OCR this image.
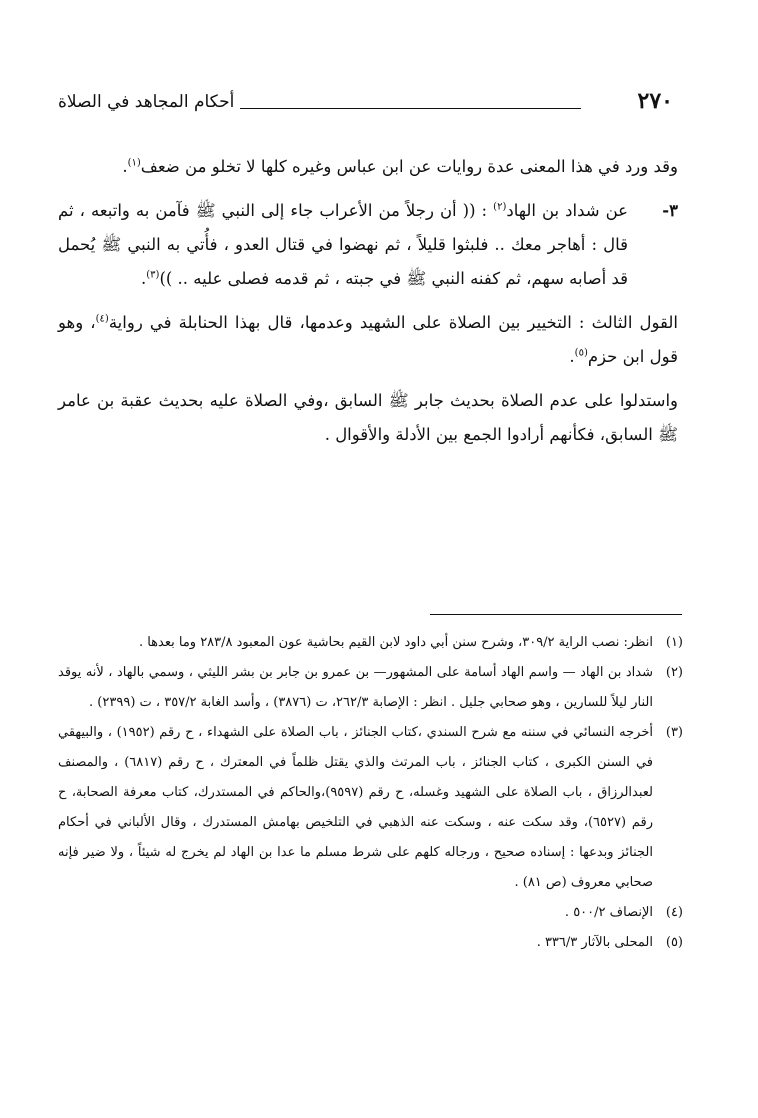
٢٧٠
أحكام المجاهد في الصلاة

وقد ورد في هذا المعنى عدة روايات عن ابن عباس وغيره كلها لا تخلو من ضعف$^{(١)}$.

٣-
عن شداد بن الهاد$^{(٢)}$ : (( أن رجلاً من الأعراب جاء إلى النبي ﷺ فآمن به واتبعه ، ثم قال : أهاجر معك .. فلبثوا قليلاً ، ثم نهضوا في قتال العدو ، فأُتي به النبي ﷺ يُحمل قد أصابه سهم، ثم كفنه النبي ﷺ في جبته ، ثم قدمه فصلى عليه .. ))$^{(٣)}$.

القول الثالث : التخيير بين الصلاة على الشهيد وعدمها، قال بهذا الحنابلة في رواية$^{(٤)}$، وهو قول ابن حزم$^{(٥)}$.

واستدلوا على عدم الصلاة بحديث جابر ﷺ السابق ،وفي الصلاة عليه بحديث عقبة بن عامر ﷺ السابق، فكأنهم أرادوا الجمع بين الأدلة والأقوال .

(١)
انظر: نصب الراية ٣٠٩/٢، وشرح سنن أبي داود لابن القيم بحاشية عون المعبود ٢٨٣/٨ وما بعدها .

(٢)
شداد بن الهاد — واسم الهاد أسامة على المشهور— بن عمرو بن جابر بن بشر الليثي ، وسمي بالهاد ، لأنه يوقد النار ليلاً للسارين ، وهو صحابي جليل . انظر : الإصابة ٢٦٢/٣، ت (٣٨٧٦) ، وأسد الغابة ٣٥٧/٢ ، ت (٢٣٩٩) .

(٣)
أخرجه النسائي في سننه مع شرح السندي ،كتاب الجنائز ، باب الصلاة على الشهداء ، ح رقم (١٩٥٢) ، والبيهقي في السنن الكبرى ، كتاب الجنائز ، باب المرتث والذي يقتل ظلماً في المعترك ، ح رقم (٦٨١٧) ، والمصنف لعبدالرزاق ، باب الصلاة على الشهيد وغسله، ح رقم (٩٥٩٧)،والحاكم في المستدرك، كتاب معرفة الصحابة، ح رقم (٦٥٢٧)، وقد سكت عنه ، وسكت عنه الذهبي في التلخيص بهامش المستدرك ، وقال الألباني في أحكام الجنائز وبدعها : إسناده صحيح ، ورجاله كلهم على شرط مسلم ما عدا بن الهاد لم يخرج له شيئاً ، ولا ضير فإنه صحابي معروف (ص ٨١) .

(٤)
الإنصاف ٥٠٠/٢ .

(٥)
المحلى بالآثار ٣٣٦/٣ .
